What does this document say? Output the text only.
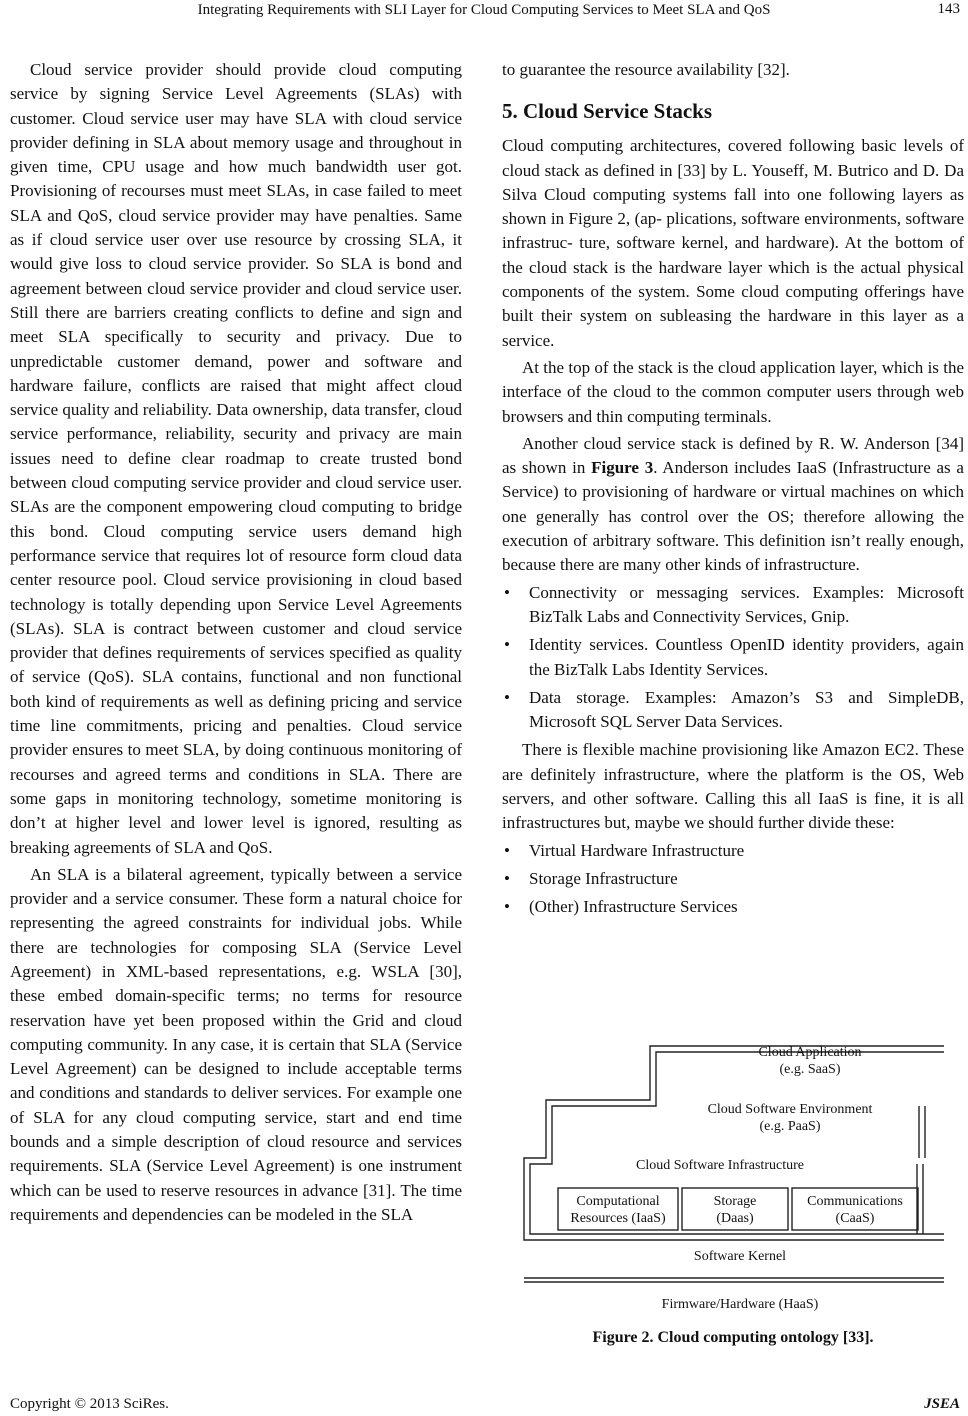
Integrating Requirements with SLI Layer for Cloud Computing Services to Meet SLA and QoS	143

Cloud service provider should provide cloud computing service by signing Service Level Agreements (SLAs) with customer. Cloud service user may have SLA with cloud service provider defining in SLA about memory usage and throughout in given time, CPU usage and how much bandwidth user got. Provisioning of recourses must meet SLAs, in case failed to meet SLA and QoS, cloud service provider may have penalties. Same as if cloud service user over use resource by crossing SLA, it would give loss to cloud service provider. So SLA is bond and agreement between cloud service provider and cloud service user. Still there are barriers creating conflicts to define and sign and meet SLA specifically to security and privacy. Due to unpredictable customer demand, power and software and hardware failure, conflicts are raised that might affect cloud service quality and reliability. Data ownership, data transfer, cloud service performance, reliability, security and privacy are main issues need to define clear roadmap to create trusted bond between cloud computing service provider and cloud service user. SLAs are the component empowering cloud computing to bridge this bond. Cloud computing service users demand high performance service that requires lot of resource form cloud data center resource pool. Cloud service provisioning in cloud based technology is totally depending upon Service Level Agreements (SLAs). SLA is contract between customer and cloud service provider that defines requirements of services specified as quality of service (QoS). SLA contains, functional and non functional both kind of requirements as well as defining pricing and service time line commitments, pricing and penalties. Cloud service provider ensures to meet SLA, by doing continuous monitoring of recourses and agreed terms and conditions in SLA. There are some gaps in monitoring technology, sometime monitoring is don’t at higher level and lower level is ignored, resulting as breaking agreements of SLA and QoS.

An SLA is a bilateral agreement, typically between a service provider and a service consumer. These form a natural choice for representing the agreed constraints for individual jobs. While there are technologies for composing SLA (Service Level Agreement) in XML-based representations, e.g. WSLA [30], these embed domain-specific terms; no terms for resource reservation have yet been proposed within the Grid and cloud computing community. In any case, it is certain that SLA (Service Level Agreement) can be designed to include acceptable terms and conditions and standards to deliver services. For example one of SLA for any cloud computing service, start and end time bounds and a simple description of cloud resource and services requirements. SLA (Service Level Agreement) is one instrument which can be used to reserve resources in advance [31]. The time requirements and dependencies can be modeled in the SLA

to guarantee the resource availability [32].

5. Cloud Service Stacks

Cloud computing architectures, covered following basic levels of cloud stack as defined in [33] by L. Youseff, M. Butrico and D. Da Silva Cloud computing systems fall into one following layers as shown in Figure 2, (ap- plications, software environments, software infrastruc- ture, software kernel, and hardware). At the bottom of the cloud stack is the hardware layer which is the actual physical components of the system. Some cloud computing offerings have built their system on subleasing the hardware in this layer as a service.

At the top of the stack is the cloud application layer, which is the interface of the cloud to the common computer users through web browsers and thin computing terminals.

Another cloud service stack is defined by R. W. Anderson [34] as shown in Figure 3. Anderson includes IaaS (Infrastructure as a Service) to provisioning of hardware or virtual machines on which one generally has control over the OS; therefore allowing the execution of arbitrary software. This definition isn’t really enough, because there are many other kinds of infrastructure.

• Connectivity or messaging services. Examples: Microsoft BizTalk Labs and Connectivity Services, Gnip.
• Identity services. Countless OpenID identity providers, again the BizTalk Labs Identity Services.
• Data storage. Examples: Amazon’s S3 and SimpleDB, Microsoft SQL Server Data Services.

There is flexible machine provisioning like Amazon EC2. These are definitely infrastructure, where the platform is the OS, Web servers, and other software. Calling this all IaaS is fine, it is all infrastructures but, maybe we should further divide these:

• Virtual Hardware Infrastructure
• Storage Infrastructure
• (Other) Infrastructure Services
Cloud Application
(e.g. SaaS)
Cloud Software Environment
(e.g. PaaS)
Cloud Software Infrastructure
Computational
Resources (IaaS)
Storage
(Daas)
Communications
(CaaS)
Software Kernel
Firmware/Hardware (HaaS)
Figure 2. Cloud computing ontology [33].
Copyright © 2013 SciRes.	JSEA
